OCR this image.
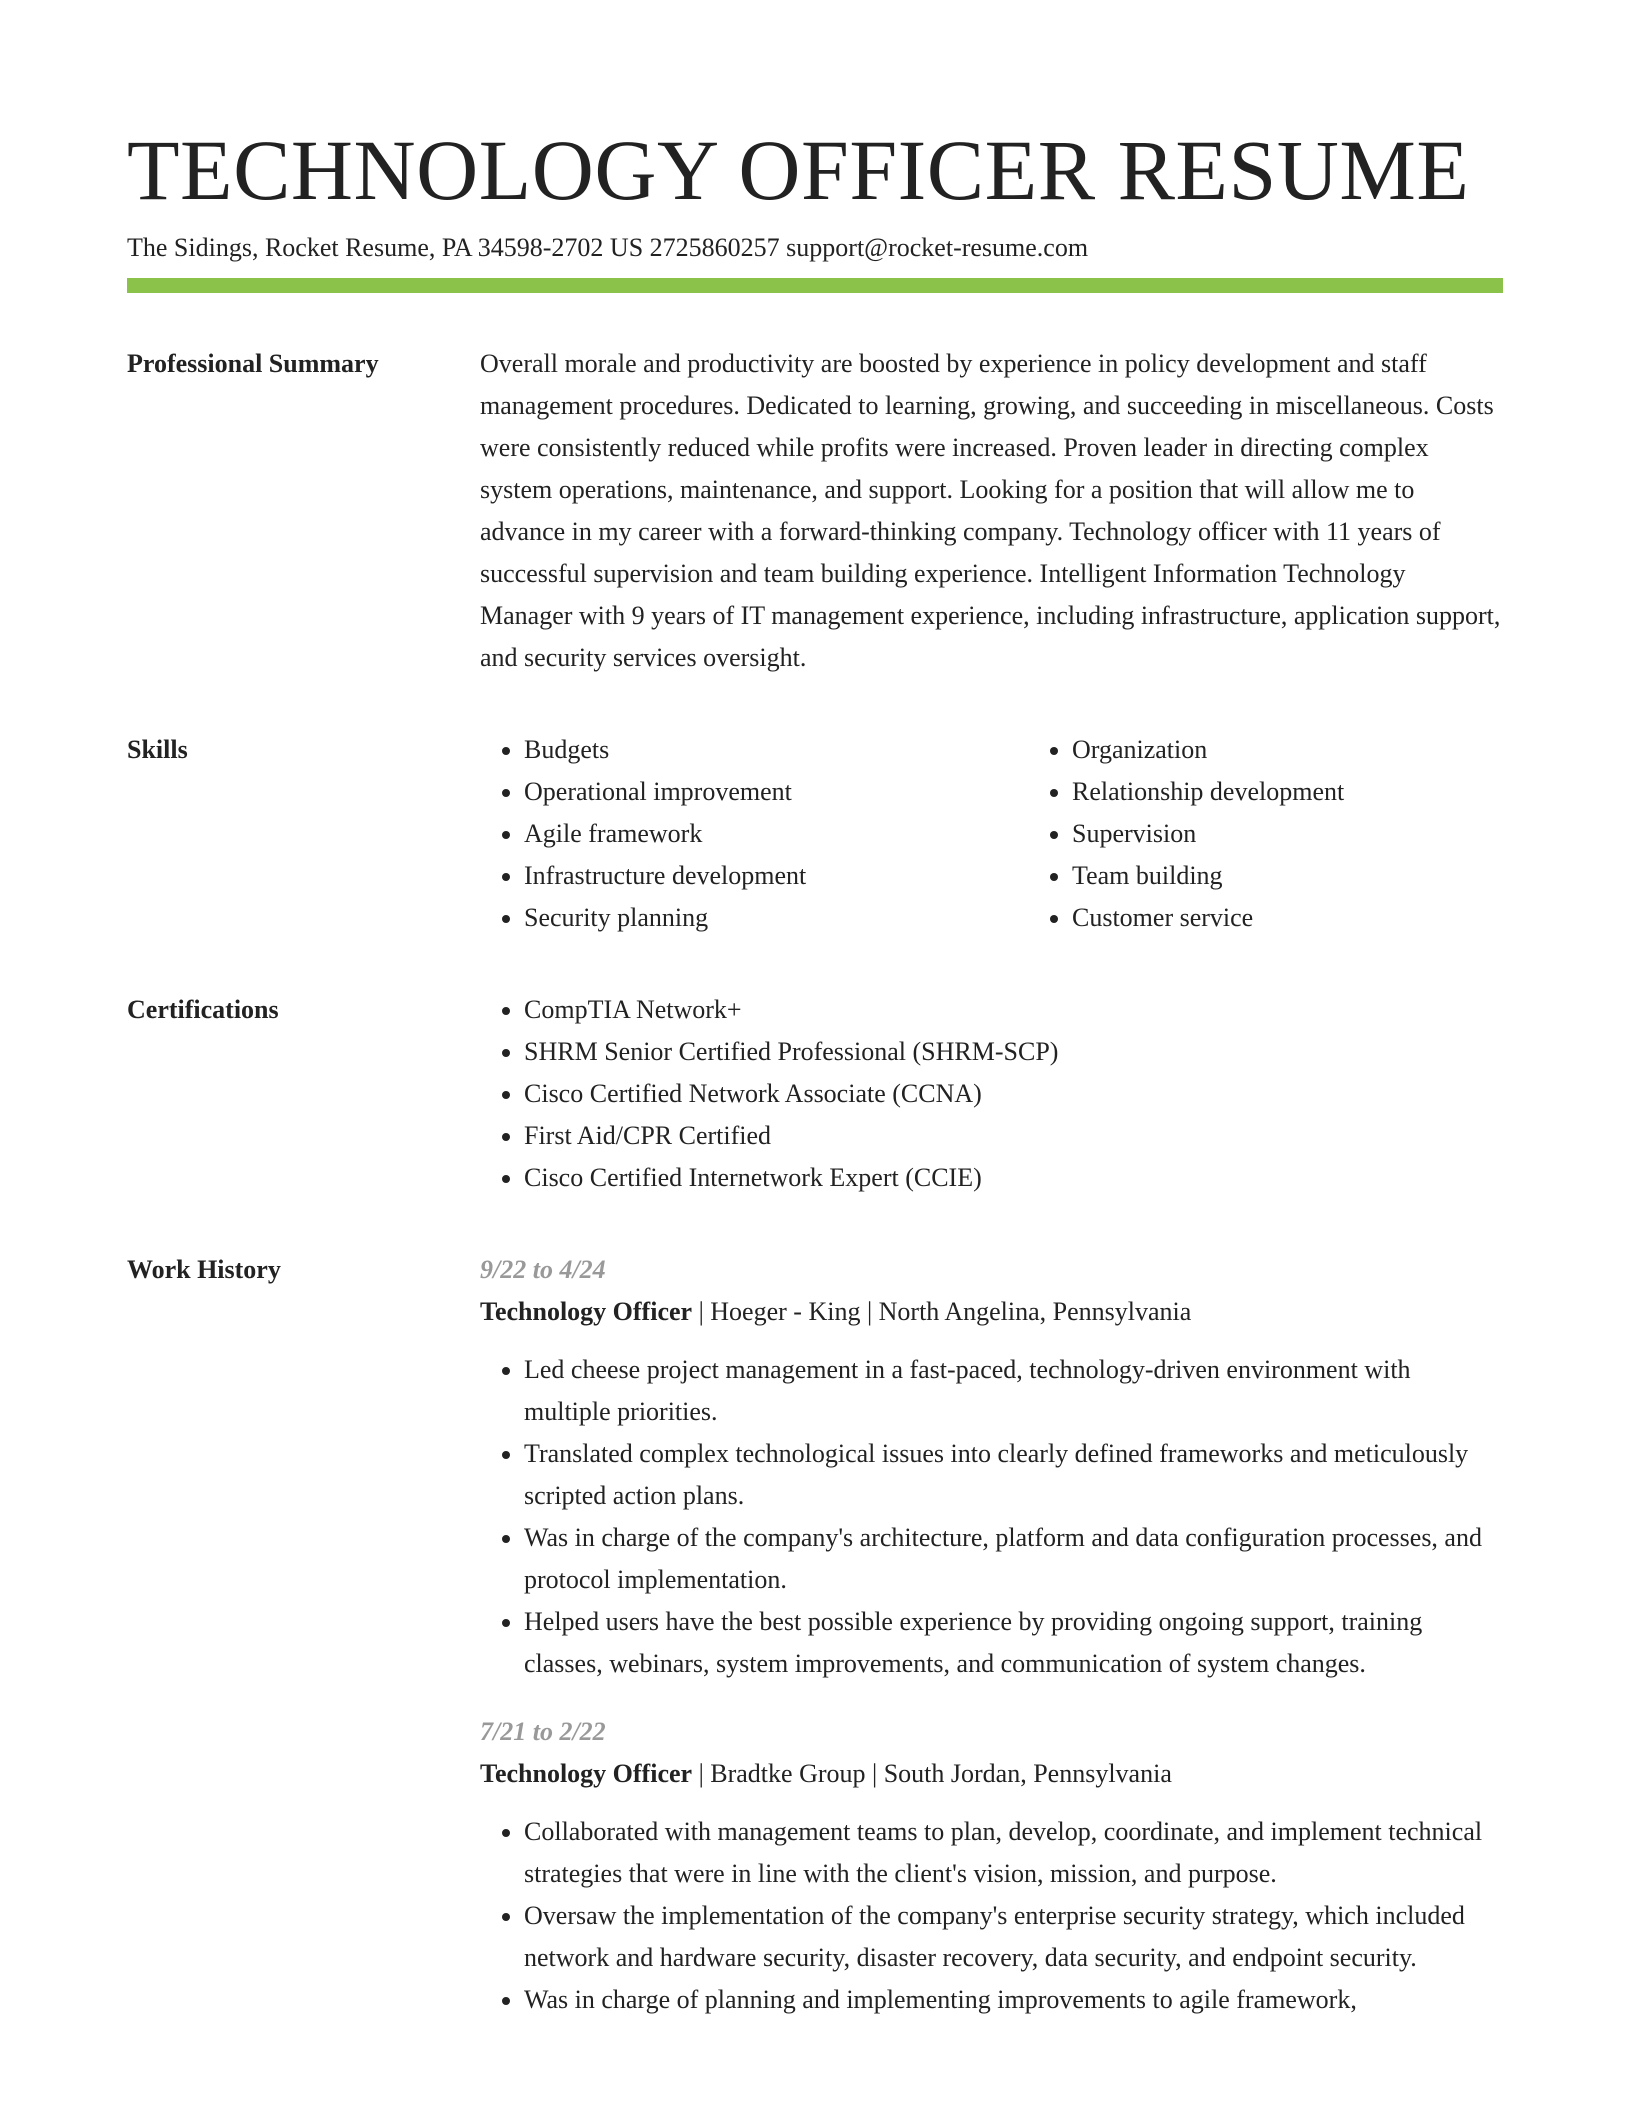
TECHNOLOGY OFFICER RESUME
The Sidings, Rocket Resume, PA 34598-2702 US 2725860257 support@rocket-resume.com
Professional Summary	Overall morale and productivity are boosted by experience in policy development and staff management procedures. Dedicated to learning, growing, and succeeding in miscellaneous. Costs were consistently reduced while profits were increased. Proven leader in directing complex system operations, maintenance, and support. Looking for a position that will allow me to advance in my career with a forward-thinking company. Technology officer with 11 years of successful supervision and team building experience. Intelligent Information Technology Manager with 9 years of IT management experience, including infrastructure, application support, and security services oversight.

Skills	• Budgets
• Operational improvement
• Agile framework
• Infrastructure development
• Security planning
• Organization
• Relationship development
• Supervision
• Team building
• Customer service
Certifications	• CompTIA Network+
• SHRM Senior Certified Professional (SHRM-SCP)
• Cisco Certified Network Associate (CCNA)
• First Aid/CPR Certified
• Cisco Certified Internetwork Expert (CCIE)
Work History	9/22 to 4/24
Technology Officer | Hoeger - King | North Angelina, Pennsylvania
• Led cheese project management in a fast-paced, technology-driven environment with multiple priorities.
• Translated complex technological issues into clearly defined frameworks and meticulously scripted action plans.
• Was in charge of the company's architecture, platform and data configuration processes, and protocol implementation.
• Helped users have the best possible experience by providing ongoing support, training classes, webinars, system improvements, and communication of system changes.
7/21 to 2/22
Technology Officer | Bradtke Group | South Jordan, Pennsylvania
• Collaborated with management teams to plan, develop, coordinate, and implement technical strategies that were in line with the client's vision, mission, and purpose.
• Oversaw the implementation of the company's enterprise security strategy, which included network and hardware security, disaster recovery, data security, and endpoint security.
• Was in charge of planning and implementing improvements to agile framework,
